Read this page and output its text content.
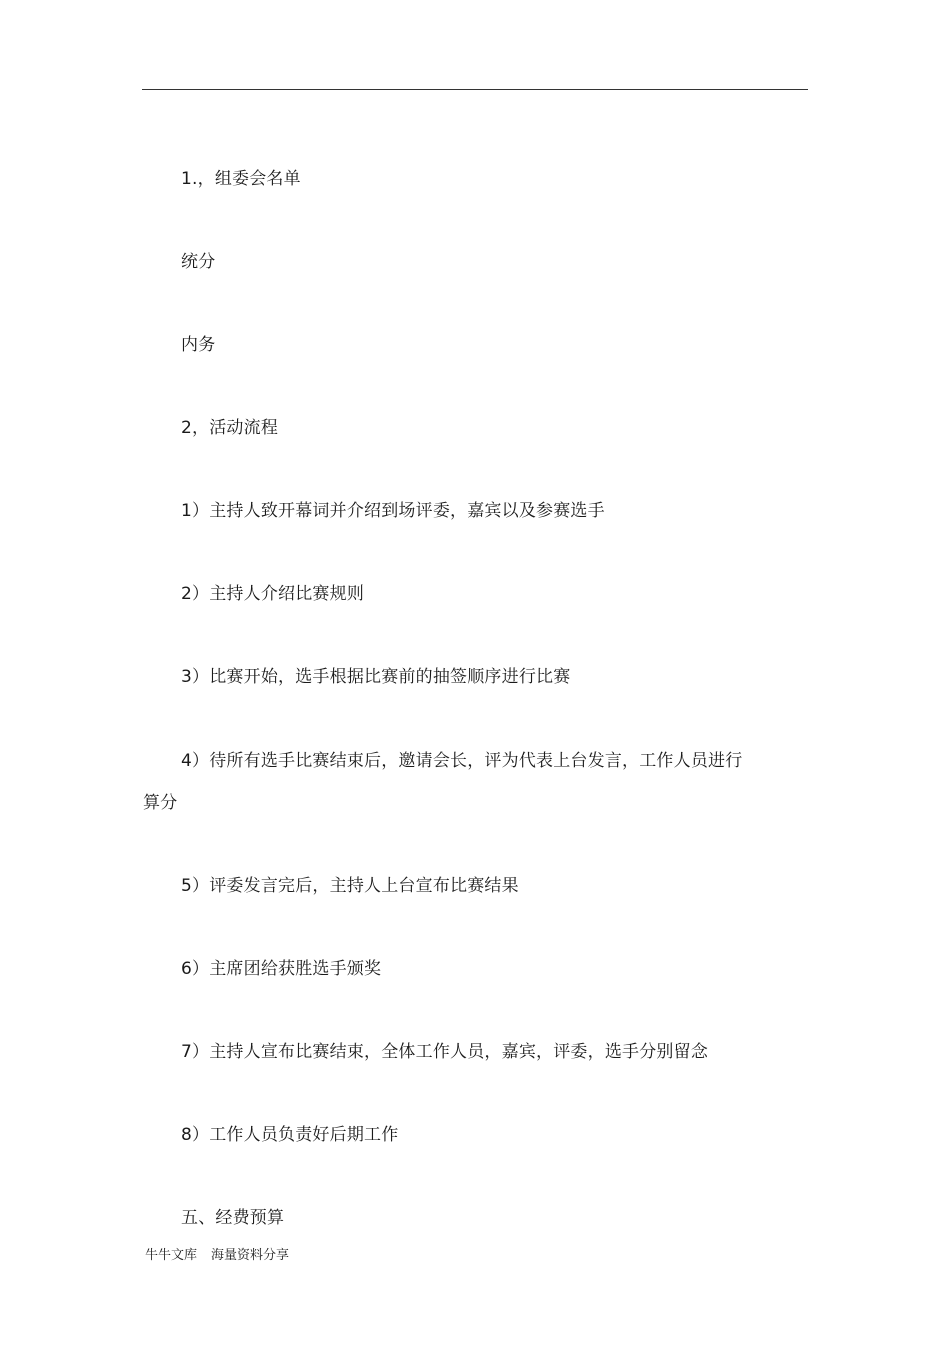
1.，组委会名单

统分

内务

2，活动流程

1）主持人致开幕词并介绍到场评委，嘉宾以及参赛选手

2）主持人介绍比赛规则

3）比赛开始，选手根据比赛前的抽签顺序进行比赛

4）待所有选手比赛结束后，邀请会长，评为代表上台发言，工作人员进行

算分

5）评委发言完后，主持人上台宣布比赛结果

6）主席团给获胜选手颁奖

7）主持人宣布比赛结束，全体工作人员，嘉宾，评委，选手分别留念

8）工作人员负责好后期工作

五、经费预算

牛牛文库 海量资料分享
